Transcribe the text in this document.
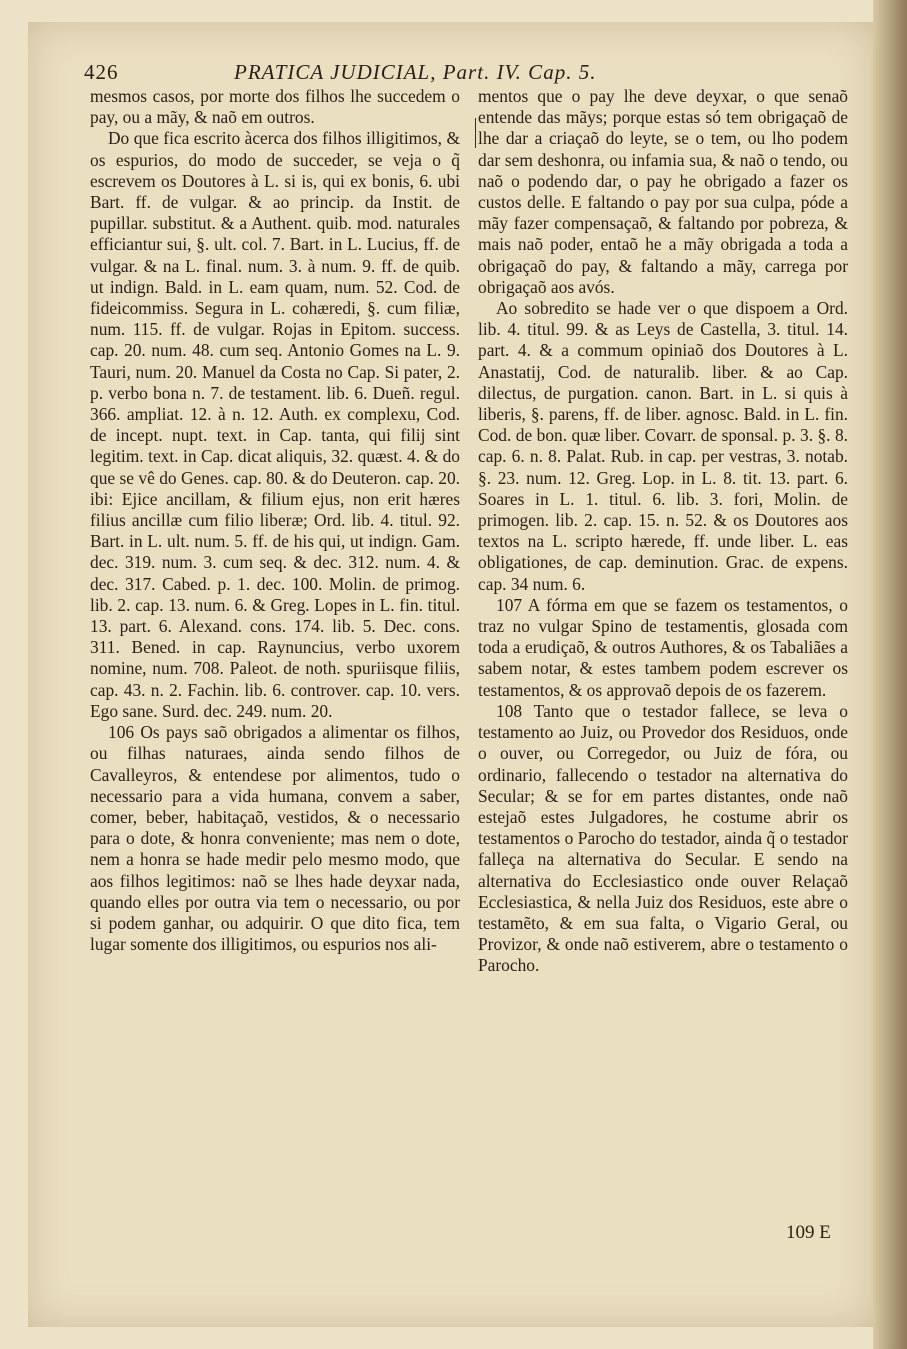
426	PRATICA JUDICIAL, Part. IV. Cap. 5.

mesmos casos, por morte dos filhos lhe succedem o pay, ou a mãy, & naõ em outros.

Do que fica escrito àcerca dos filhos illigitimos, & os espurios, do modo de succeder, se veja o q̃ escrevem os Doutores à L. si is, qui ex bonis, 6. ubi Bart. ff. de vulgar. & ao princip. da Instit. de pupillar. substitut. & a Authent. quib. mod. naturales efficiantur sui, §. ult. col. 7. Bart. in L. Lucius, ff. de vulgar. & na L. final. num. 3. à num. 9. ff. de quib. ut indign. Bald. in L. eam quam, num. 52. Cod. de fideicommiss. Segura in L. cohæredi, §. cum filiæ, num. 115. ff. de vulgar. Rojas in Epitom. success. cap. 20. num. 48. cum seq. Antonio Gomes na L. 9. Tauri, num. 20. Manuel da Costa no Cap. Si pater, 2. p. verbo bona n. 7. de testament. lib. 6. Dueñ. regul. 366. ampliat. 12. à n. 12. Auth. ex complexu, Cod. de incept. nupt. text. in Cap. tanta, qui filij sint legitim. text. in Cap. dicat aliquis, 32. quæst. 4. & do que se vê do Genes. cap. 80. & do Deuteron. cap. 20. ibi: Ejice ancillam, & filium ejus, non erit hæres filius ancillæ cum filio liberæ; Ord. lib. 4. titul. 92. Bart. in L. ult. num. 5. ff. de his qui, ut indign. Gam. dec. 319. num. 3. cum seq. & dec. 312. num. 4. & dec. 317. Cabed. p. 1. dec. 100. Molin. de primog. lib. 2. cap. 13. num. 6. & Greg. Lopes in L. fin. titul. 13. part. 6. Alexand. cons. 174. lib. 5. Dec. cons. 311. Bened. in cap. Raynuncius, verbo uxorem nomine, num. 708. Paleot. de noth. spuriisque filiis, cap. 43. n. 2. Fachin. lib. 6. controver. cap. 10. vers. Ego sane. Surd. dec. 249. num. 20.

106 Os pays saõ obrigados a alimentar os filhos, ou filhas naturaes, ainda sendo filhos de Cavalleyros, & entendese por alimentos, tudo o necessario para a vida humana, convem a saber, comer, beber, habitaçaõ, vestidos, & o necessario para o dote, & honra conveniente; mas nem o dote, nem a honra se hade medir pelo mesmo modo, que aos filhos legitimos: naõ se lhes hade deyxar nada, quando elles por outra via tem o necessario, ou por si podem ganhar, ou adquirir. O que dito fica, tem lugar somente dos illigitimos, ou espurios nos ali-

mentos que o pay lhe deve deyxar, o que senaõ entende das mãys; porque estas só tem obrigaçaõ de lhe dar a criaçaõ do leyte, se o tem, ou lho podem dar sem deshonra, ou infamia sua, & naõ o tendo, ou naõ o podendo dar, o pay he obrigado a fazer os custos delle. E faltando o pay por sua culpa, póde a mãy fazer compensaçaõ, & faltando por pobreza, & mais naõ poder, entaõ he a mãy obrigada a toda a obrigaçaõ do pay, & faltando a mãy, carrega por obrigaçaõ aos avós.

Ao sobredito se hade ver o que dispoem a Ord. lib. 4. titul. 99. & as Leys de Castella, 3. titul. 14. part. 4. & a commum opiniaõ dos Doutores à L. Anastatij, Cod. de naturalib. liber. & ao Cap. dilectus, de purgation. canon. Bart. in L. si quis à liberis, §. parens, ff. de liber. agnosc. Bald. in L. fin. Cod. de bon. quæ liber. Covarr. de sponsal. p. 3. §. 8. cap. 6. n. 8. Palat. Rub. in cap. per vestras, 3. notab. §. 23. num. 12. Greg. Lop. in L. 8. tit. 13. part. 6. Soares in L. 1. titul. 6. lib. 3. fori, Molin. de primogen. lib. 2. cap. 15. n. 52. & os Doutores aos textos na L. scripto hærede, ff. unde liber. L. eas obligationes, de cap. deminution. Grac. de expens. cap. 34 num. 6.

107 A fórma em que se fazem os testamentos, o traz no vulgar Spino de testamentis, glosada com toda a erudiçaõ, & outros Authores, & os Tabaliães a sabem notar, & estes tambem podem escrever os testamentos, & os approvaõ depois de os fazerem.

108 Tanto que o testador fallece, se leva o testamento ao Juiz, ou Provedor dos Residuos, onde o ouver, ou Corregedor, ou Juiz de fóra, ou ordinario, fallecendo o testador na alternativa do Secular; & se for em partes distantes, onde naõ estejaõ estes Julgadores, he costume abrir os testamentos o Parocho do testador, ainda q̃ o testador falleça na alternativa do Secular. E sendo na alternativa do Ecclesiastico onde ouver Relaçaõ Ecclesiastica, & nella Juiz dos Residuos, este abre o testamẽto, & em sua falta, o Vigario Geral, ou Provizor, & onde naõ estiverem, abre o testamento o Parocho.

109 E
